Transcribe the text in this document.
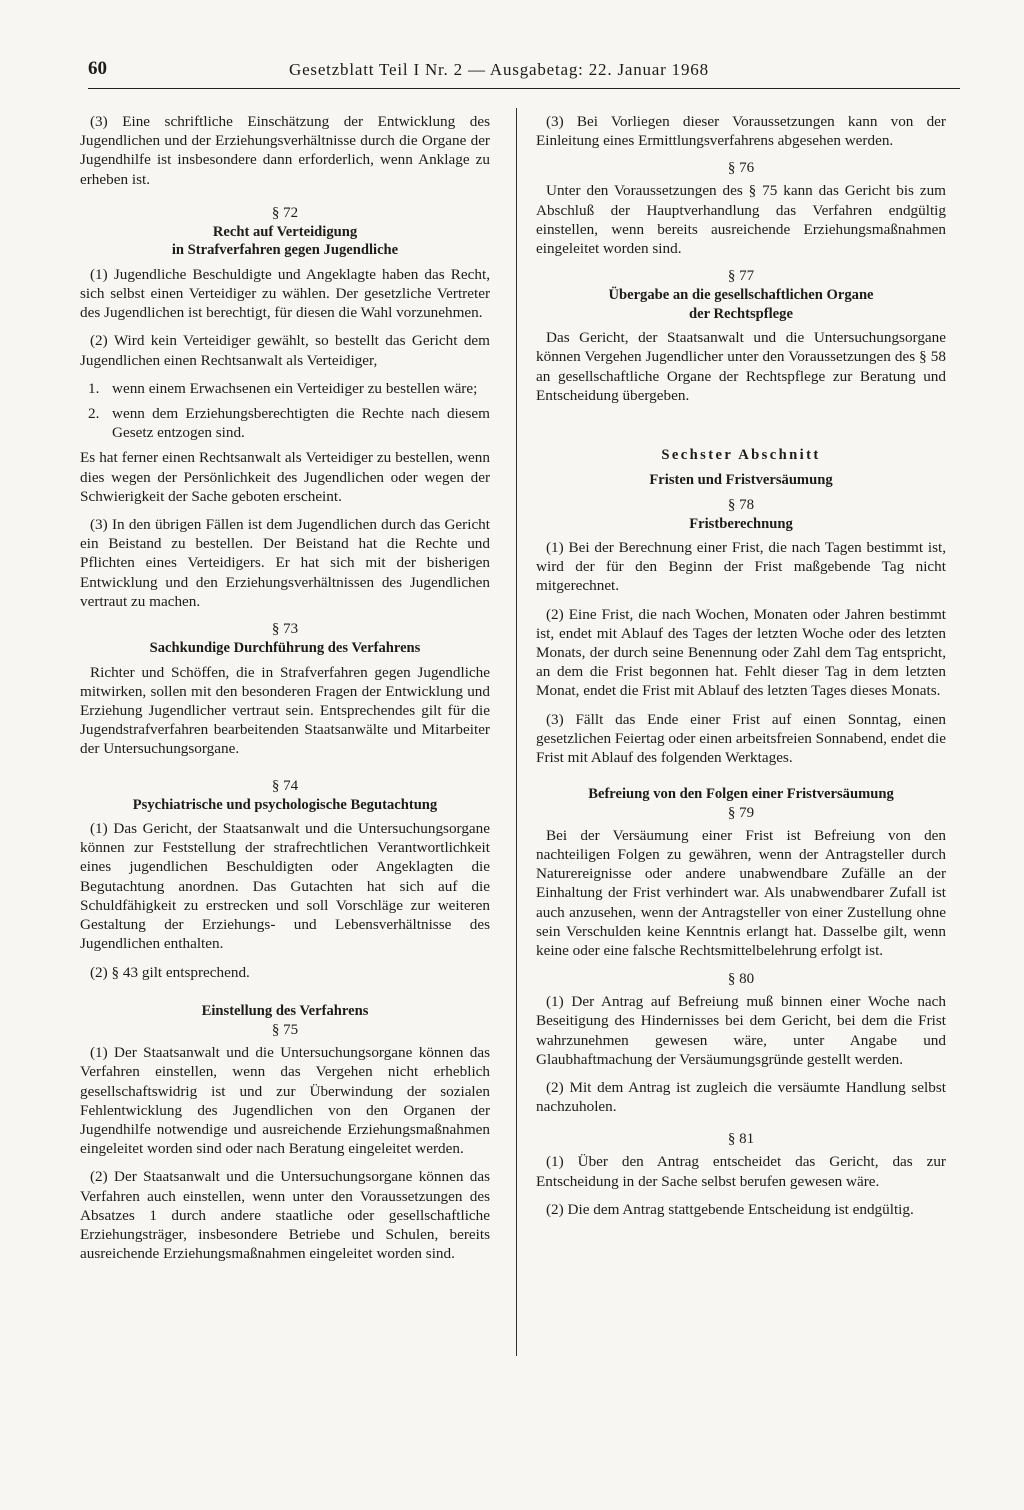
60	Gesetzblatt Teil I Nr. 2 — Ausgabetag: 22. Januar 1968

(3) Eine schriftliche Einschätzung der Entwicklung des Jugendlichen und der Erziehungsverhältnisse durch die Organe der Jugendhilfe ist insbesondere dann erforderlich, wenn Anklage zu erheben ist.

§ 72
Recht auf Verteidigung
in Strafverfahren gegen Jugendliche

(1) Jugendliche Beschuldigte und Angeklagte haben das Recht, sich selbst einen Verteidiger zu wählen. Der gesetzliche Vertreter des Jugendlichen ist berechtigt, für diesen die Wahl vorzunehmen.

(2) Wird kein Verteidiger gewählt, so bestellt das Gericht dem Jugendlichen einen Rechtsanwalt als Verteidiger,

1. wenn einem Erwachsenen ein Verteidiger zu bestellen wäre;
2. wenn dem Erziehungsberechtigten die Rechte nach diesem Gesetz entzogen sind.

Es hat ferner einen Rechtsanwalt als Verteidiger zu bestellen, wenn dies wegen der Persönlichkeit des Jugendlichen oder wegen der Schwierigkeit der Sache geboten erscheint.

(3) In den übrigen Fällen ist dem Jugendlichen durch das Gericht ein Beistand zu bestellen. Der Beistand hat die Rechte und Pflichten eines Verteidigers. Er hat sich mit der bisherigen Entwicklung und den Erziehungsverhältnissen des Jugendlichen vertraut zu machen.

§ 73
Sachkundige Durchführung des Verfahrens

Richter und Schöffen, die in Strafverfahren gegen Jugendliche mitwirken, sollen mit den besonderen Fragen der Entwicklung und Erziehung Jugendlicher vertraut sein. Entsprechendes gilt für die Jugendstrafverfahren bearbeitenden Staatsanwälte und Mitarbeiter der Untersuchungsorgane.

§ 74
Psychiatrische und psychologische Begutachtung

(1) Das Gericht, der Staatsanwalt und die Untersuchungsorgane können zur Feststellung der strafrechtlichen Verantwortlichkeit eines jugendlichen Beschuldigten oder Angeklagten die Begutachtung anordnen. Das Gutachten hat sich auf die Schuldfähigkeit zu erstrecken und soll Vorschläge zur weiteren Gestaltung der Erziehungs- und Lebensverhältnisse des Jugendlichen enthalten.

(2) § 43 gilt entsprechend.

Einstellung des Verfahrens
§ 75

(1) Der Staatsanwalt und die Untersuchungsorgane können das Verfahren einstellen, wenn das Vergehen nicht erheblich gesellschaftswidrig ist und zur Überwindung der sozialen Fehlentwicklung des Jugendlichen von den Organen der Jugendhilfe notwendige und ausreichende Erziehungsmaßnahmen eingeleitet worden sind oder nach Beratung eingeleitet werden.

(2) Der Staatsanwalt und die Untersuchungsorgane können das Verfahren auch einstellen, wenn unter den Voraussetzungen des Absatzes 1 durch andere staatliche oder gesellschaftliche Erziehungsträger, insbesondere Betriebe und Schulen, bereits ausreichende Erziehungsmaßnahmen eingeleitet worden sind.

(3) Bei Vorliegen dieser Voraussetzungen kann von der Einleitung eines Ermittlungsverfahrens abgesehen werden.

§ 76

Unter den Voraussetzungen des § 75 kann das Gericht bis zum Abschluß der Hauptverhandlung das Verfahren endgültig einstellen, wenn bereits ausreichende Erziehungsmaßnahmen eingeleitet worden sind.

§ 77
Übergabe an die gesellschaftlichen Organe
der Rechtspflege

Das Gericht, der Staatsanwalt und die Untersuchungsorgane können Vergehen Jugendlicher unter den Voraussetzungen des § 58 an gesellschaftliche Organe der Rechtspflege zur Beratung und Entscheidung übergeben.

Sechster Abschnitt
Fristen und Fristversäumung
§ 78
Fristberechnung

(1) Bei der Berechnung einer Frist, die nach Tagen bestimmt ist, wird der für den Beginn der Frist maßgebende Tag nicht mitgerechnet.

(2) Eine Frist, die nach Wochen, Monaten oder Jahren bestimmt ist, endet mit Ablauf des Tages der letzten Woche oder des letzten Monats, der durch seine Benennung oder Zahl dem Tag entspricht, an dem die Frist begonnen hat. Fehlt dieser Tag in dem letzten Monat, endet die Frist mit Ablauf des letzten Tages dieses Monats.

(3) Fällt das Ende einer Frist auf einen Sonntag, einen gesetzlichen Feiertag oder einen arbeitsfreien Sonnabend, endet die Frist mit Ablauf des folgenden Werktages.

Befreiung von den Folgen einer Fristversäumung
§ 79

Bei der Versäumung einer Frist ist Befreiung von den nachteiligen Folgen zu gewähren, wenn der Antragsteller durch Naturereignisse oder andere unabwendbare Zufälle an der Einhaltung der Frist verhindert war. Als unabwendbarer Zufall ist auch anzusehen, wenn der Antragsteller von einer Zustellung ohne sein Verschulden keine Kenntnis erlangt hat. Dasselbe gilt, wenn keine oder eine falsche Rechtsmittelbelehrung erfolgt ist.

§ 80

(1) Der Antrag auf Befreiung muß binnen einer Woche nach Beseitigung des Hindernisses bei dem Gericht, bei dem die Frist wahrzunehmen gewesen wäre, unter Angabe und Glaubhaftmachung der Versäumungsgründe gestellt werden.

(2) Mit dem Antrag ist zugleich die versäumte Handlung selbst nachzuholen.

§ 81

(1) Über den Antrag entscheidet das Gericht, das zur Entscheidung in der Sache selbst berufen gewesen wäre.

(2) Die dem Antrag stattgebende Entscheidung ist endgültig.
